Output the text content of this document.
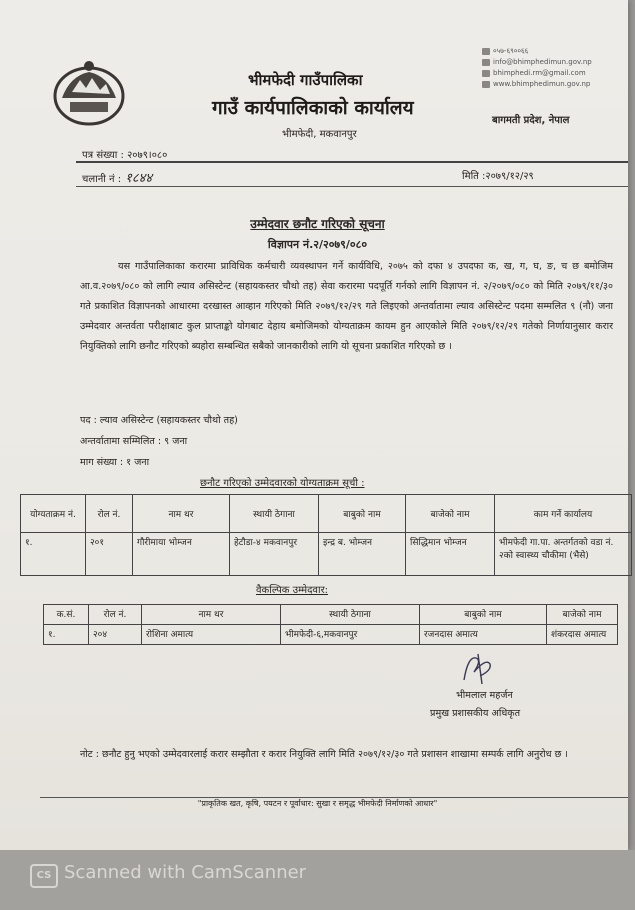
भीमफेदी गाउँपालिका
गाउँ कार्यपालिकाको कार्यालय
भीमफेदी, मकवानपुर
०५७-६९००६६
info@bhimphedimun.gov.np
bhimphedi.rm@gmail.com
www.bhimphedimun.gov.np
बागमती प्रदेश, नेपाल
पत्र संख्या : २०७९।०८०
चलानी नं : १८४४	मिति :२०७९/१२/२९
उम्मेदवार छनौट गरिएको सूचना
विज्ञापन नं.२/२०७९/०८०
यस गाउँपालिकाका करारमा प्राविधिक कर्मचारी व्यवस्थापन गर्ने कार्यविधि, २०७५ को दफा ४ उपदफा क, ख, ग, घ, ङ, च छ बमोजिम आ.व.२०७९/०८० को लागि ल्याव असिस्टेन्ट (सहायकस्तर चौथो तह) सेवा करारमा पदपूर्ति गर्नको लागि विज्ञापन नं. २/२०७९/०८० को मिति २०७९/११/३० गते प्रकाशित विज्ञापनको आधारमा दरखास्त आव्हान गरिएको मिति २०७९/१२/२९ गते लिइएको अन्तर्वातामा ल्याव असिस्टेन्ट पदमा सम्मलित ९ (नौ) जना उम्मेदवार अन्तर्वता परीक्षाबाट कुल प्राप्ताङ्को योगबाट देहाय बमोजिमको योग्यताक्रम कायम हुन आएकोले मिति २०७९/१२/२९ गतेको निर्णायानुसार करार नियुक्तिको लागि छनौट गरिएको ब्यहोरा सम्बन्धित सबैको जानकारीको लागि यो सूचना प्रकाशित गरिएको छ ।
पद : ल्याव असिस्टेन्ट (सहायकस्तर चौथो तह)
अन्तर्वातामा सम्मिलित : ९ जना
माग संख्या : १ जना
छनौट गरिएको उम्मेदवारको योग्यताक्रम सूची :
योग्यताक्रम नं.	रोल नं.	नाम थर	स्थायी ठेगाना	बाबुको नाम	बाजेको नाम	काम गर्ने कार्यालय
१.	२०१	गौरीमाया भोम्जन	हेटौडा-४ मकवानपुर	इन्द्र ब. भोम्जन	सिद्धिमान भोम्जन	भीमफेदी गा.पा. अन्तर्गतको वडा नं. २को स्वास्थ्य चौकीमा (भैसे)
वैकल्पिक उम्मेदवार:
क.सं.	रोल नं.	नाम थर	स्थायी ठेगाना	बाबुको नाम	बाजेको नाम
१.	२०४	रोशिना अमात्य	भीमफेदी-६,मकवानपुर	रजनदास अमात्य	शंकरदास अमात्य
भीमलाल महर्जन
प्रमुख प्रशासकीय अधिकृत
नोट : छनौट हुनु भएको उम्मेदवारलाई करार सम्झौता र करार नियुक्ति लागि मिति २०७९/१२/३० गते प्रशासन शाखामा सम्पर्क लागि अनुरोध छ ।
"प्राकृतिक खत, कृषि, पयटन र पूर्वाधार: सुखा र समृद्ध भीमफेदी निर्माणको आधार"
CS Scanned with CamScanner
